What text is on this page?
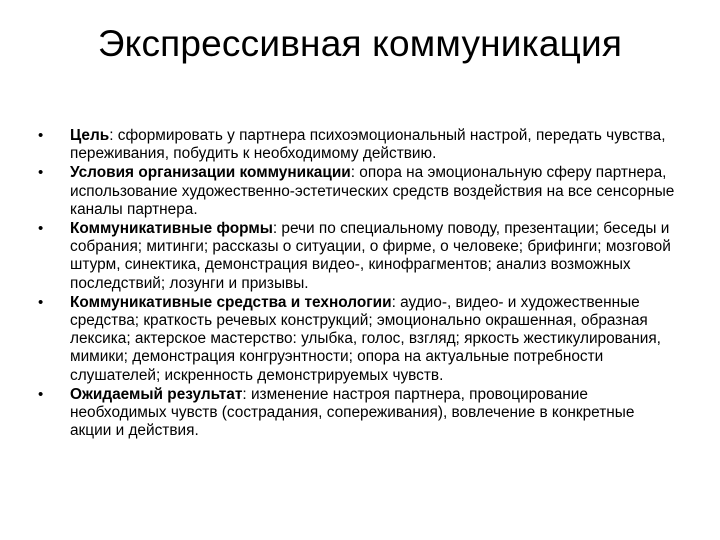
Экспрессивная коммуникация
•	Цель: сформировать у партнера психоэмоциональный настрой, передать чувства, переживания, побудить к необходимому действию.
•	Условия организации коммуникации: опора на эмоциональную сферу партнера, использование художественно-эстетических средств воздействия на все сенсорные каналы партнера.
•	Коммуникативные формы: речи по специальному поводу, презентации; беседы и собрания; митинги; рассказы о ситуации, о фирме, о человеке; брифинги; мозговой штурм, синектика, демонстрация видео-, кинофрагментов; анализ возможных последствий; лозунги и призывы.
•	Коммуникативные средства и технологии: аудио-, видео- и художественные средства; краткость речевых конструкций; эмоционально окрашенная, образная лексика; актерское мастерство: улыбка, голос, взгляд; яркость жестикулирования, мимики; демонстрация конгруэнтности; опора на актуальные потребности слушателей; искренность демонстрируемых чувств.
•	Ожидаемый результат: изменение настроя партнера, провоцирование необходимых чувств (сострадания, сопереживания), вовлечение в конкретные акции и действия.
